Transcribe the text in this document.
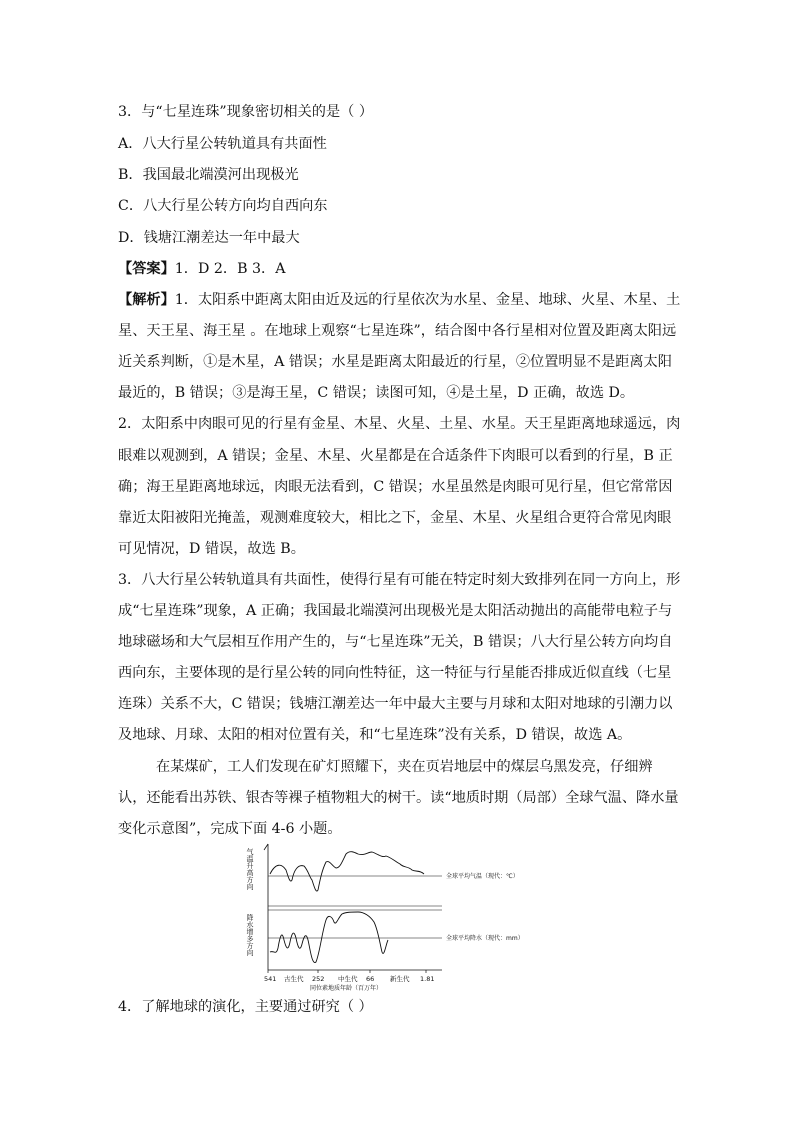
3．与“七星连珠”现象密切相关的是（ ）
A．八大行星公转轨道具有共面性
B．我国最北端漠河出现极光
C．八大行星公转方向均自西向东
D．钱塘江潮差达一年中最大
【答案】1．D 2．B 3．A
【解析】1．太阳系中距离太阳由近及远的行星依次为水星、金星、地球、火星、木星、土
星、天王星、海王星 。在地球上观察“七星连珠”，结合图中各行星相对位置及距离太阳远
近关系判断，①是木星，A 错误；水星是距离太阳最近的行星，②位置明显不是距离太阳
最近的，B 错误；③是海王星，C 错误；读图可知，④是土星，D 正确，故选 D。
2．太阳系中肉眼可见的行星有金星、木星、火星、土星、水星。天王星距离地球遥远，肉
眼难以观测到，A 错误；金星、木星、火星都是在合适条件下肉眼可以看到的行星，B 正
确；海王星距离地球远，肉眼无法看到，C 错误；水星虽然是肉眼可见行星，但它常常因
靠近太阳被阳光掩盖，观测难度较大，相比之下，金星、木星、火星组合更符合常见肉眼
可见情况，D 错误，故选 B。
3．八大行星公转轨道具有共面性，使得行星有可能在特定时刻大致排列在同一方向上，形
成“七星连珠”现象，A 正确；我国最北端漠河出现极光是太阳活动抛出的高能带电粒子与
地球磁场和大气层相互作用产生的，与“七星连珠”无关，B 错误；八大行星公转方向均自
西向东，主要体现的是行星公转的同向性特征，这一特征与行星能否排成近似直线（七星
连珠）关系不大，C 错误；钱塘江潮差达一年中最大主要与月球和太阳对地球的引潮力以
及地球、月球、太阳的相对位置有关，和“七星连珠”没有关系，D 错误，故选 A。
在某煤矿，工人们发现在矿灯照耀下，夹在页岩地层中的煤层乌黑发亮，仔细辨
认，还能看出苏铁、银杏等裸子植物粗大的树干。读“地质时期（局部）全球气温、降水量
变化示意图”，完成下面 4-6 小题。
气温升高方向
降水增多方向
全球平均气温（现代：℃）
全球平均降水（现代：mm）
541 古生代 252 中生代 66 新生代 1.81
同位素地质年龄（百万年）
4．了解地球的演化，主要通过研究（ ）
